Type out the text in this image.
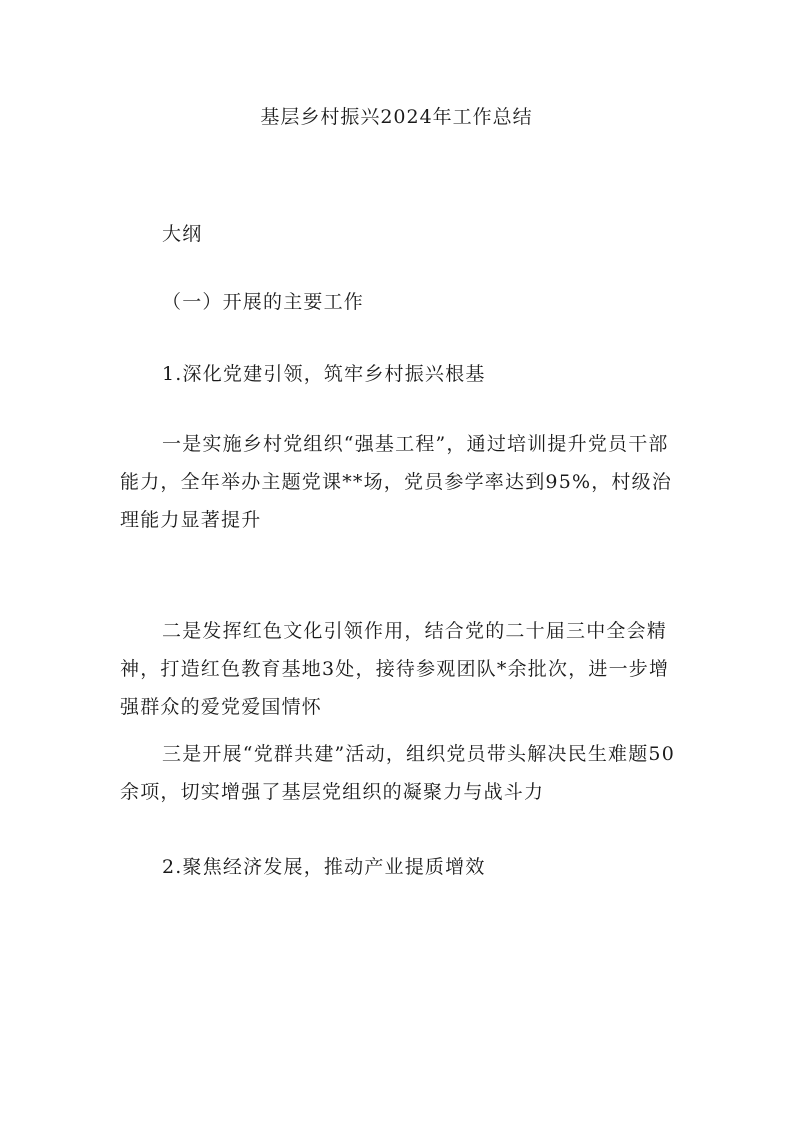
基层乡村振兴2024年工作总结

大纲

（一）开展的主要工作

1.深化党建引领，筑牢乡村振兴根基

一是实施乡村党组织“强基工程”，通过培训提升党员干部能力，全年举办主题党课**场，党员参学率达到95%，村级治理能力显著提升

二是发挥红色文化引领作用，结合党的二十届三中全会精神，打造红色教育基地3处，接待参观团队*余批次，进一步增强群众的爱党爱国情怀

三是开展“党群共建”活动，组织党员带头解决民生难题50余项，切实增强了基层党组织的凝聚力与战斗力

2.聚焦经济发展，推动产业提质增效
